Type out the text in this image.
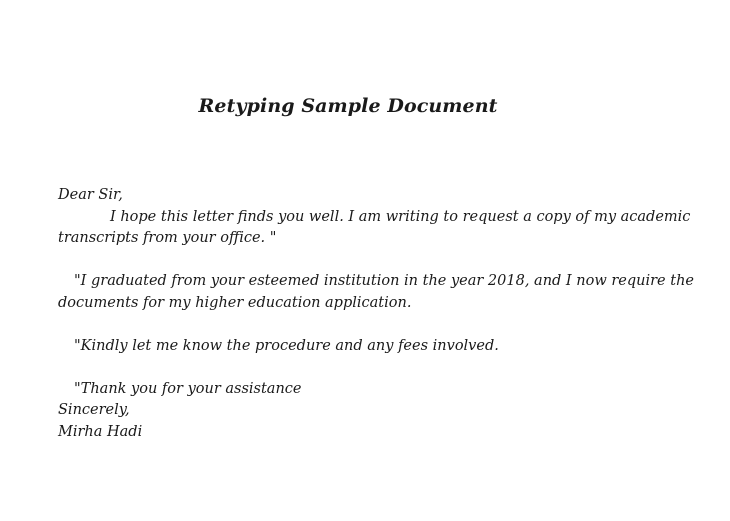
Retyping Sample Document
Dear Sir,
I hope this letter finds you well. I am writing to request a copy of my academic
transcripts from your office. "
"I graduated from your esteemed institution in the year 2018, and I now require the
documents for my higher education application.
"Kindly let me know the procedure and any fees involved.
"Thank you for your assistance
Sincerely,
Mirha Hadi
